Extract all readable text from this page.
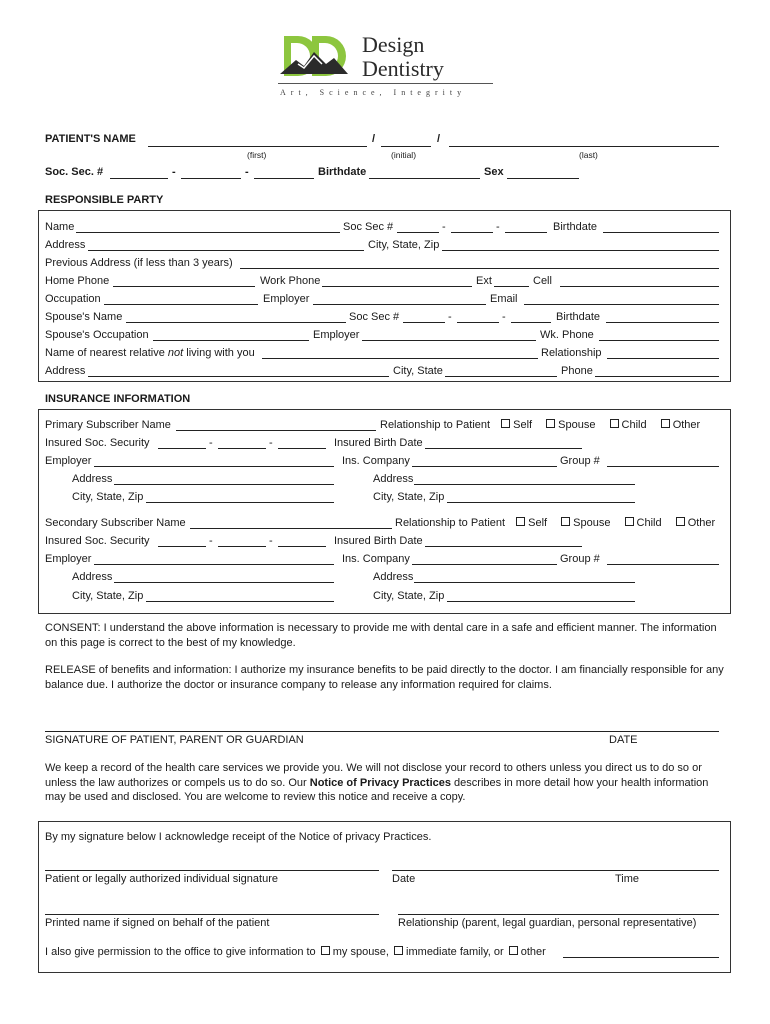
Design
Dentistry
Art, Science, Integrity
PATIENT'S NAME	/	/
(first)	(initial)	(last)
Soc. Sec. #	-	-	Birthdate	Sex
RESPONSIBLE PARTY
Name	Soc Sec #	-	-	Birthdate
Address	City, State, Zip
Previous Address (if less than 3 years)
Home Phone	Work Phone	Ext	Cell
Occupation	Employer	Email
Spouse's Name	Soc Sec #	-	-	Birthdate
Spouse's Occupation	Employer	Wk. Phone
Name of nearest relative not living with you	Relationship
Address	City, State	Phone
INSURANCE INFORMATION
Primary Subscriber Name	Relationship to Patient Self Spouse Child Other
Insured Soc. Security	-	-	Insured Birth Date
Employer	Ins. Company	Group #
Address	Address
City, State, Zip	City, State, Zip
Secondary Subscriber Name	Relationship to Patient Self Spouse Child Other
Insured Soc. Security	-	-	Insured Birth Date
Employer	Ins. Company	Group #
Address	Address
City, State, Zip	City, State, Zip
CONSENT: I understand the above information is necessary to provide me with dental care in a safe and efficient manner. The information on this page is correct to the best of my knowledge.
RELEASE of benefits and information: I authorize my insurance benefits to be paid directly to the doctor. I am financially responsible for any balance due. I authorize the doctor or insurance company to release any information required for claims.
SIGNATURE OF PATIENT, PARENT OR GUARDIAN	DATE
We keep a record of the health care services we provide you. We will not disclose your record to others unless you direct us to do so or unless the law authorizes or compels us to do so. Our Notice of Privacy Practices describes in more detail how your health information may be used and disclosed. You are welcome to review this notice and receive a copy.
By my signature below I acknowledge receipt of the Notice of privacy Practices.
Patient or legally authorized individual signature	Date	Time
Printed name if signed on behalf of the patient	Relationship (parent, legal guardian, personal representative)
I also give permission to the office to give information to my spouse, immediate family, or other
